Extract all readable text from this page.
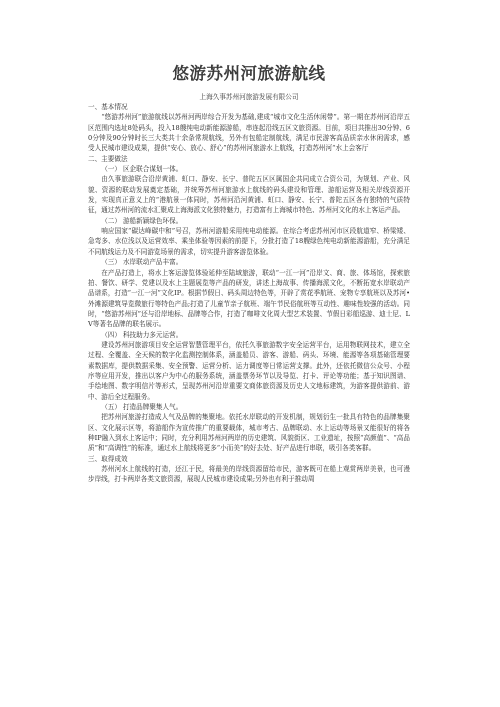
悠游苏州河旅游航线
上海久事苏州河旅游发展有限公司
一、基本情况

“悠游苏州河”旅游航线以苏州河两岸综合开发为基础,建成“城市文化生活休闲带”。第一期在苏州河沿岸五区范围内选址8处码头，投入18艘纯电动新能源游船，串连起沿线五区文旅资源。目前，项目共推出30分钟、60分钟及90分钟时长三大类共十余条常规航线，另外有包船定制航线，满足市民游客高品质亲水休闲需求，感受人民城市建设成果，提供“安心、放心、舒心”的苏州河旅游水上航线，打造苏州河“水上会客厅

二、主要做法
（一） 区企联合谋划一体。

由久事旅游联合沿岸黄浦、虹口、静安、长宁、普陀五区区属国企共同成立合资公司，为规划、产业、风貌、资源的联动发展奠定基础，并统筹苏州河旅游水上航线的码头建设和管理、游船运营及相关岸线资源开发，实现真正意义上的“港航景一体同时，苏州河沿河黄浦、虹口、静安、长宁、普陀五区各有独特的气质特征，通过苏州河的流水汇聚成上海海派文化独特魅力，打造富有上海城市特色、苏州河文化的水上客运产品。

（二） 游船新颖绿色环保。

响应国家“碳达峰碳中和”号召，苏州河游船采用纯电动能源。在综合考虑苏州河市区段航道窄、桥梁矮、急弯多、水位浅以及运营效率、乘坐体验等因素的前提下，分批打造了18艘绿色纯电动新能源游船，充分满足不同航线运力及不同游览场景的需求，切实提升游客游览体验。

（三） 水岸联动产品丰富。

在产品打造上，将水上客运游览体验延伸至陆域旅游，联动“一江一河”沿岸文、商、旅、体场馆，探索旅拍、餐饮、研学、党建以及水上主题展览等产品的研发，讲述上海故事、传播海派文化，不断拓宽水岸联动产品谱系，打造“一江一河”文化IP。根据节假日、码头周边特色等，开辟了赏花季航班、宠物专享航班以及苏河•外滩源建筑导览微旅行等特色产品;打造了儿童节亲子航班、端午节民俗航班等互动性、趣味性较强的活动。同时，“悠游苏州河”还与沿岸地标、品牌等合作，打造了咖啡文化周大型艺术装置、节假日彩船巡游、迪士尼、LV等著名品牌的联名展示。

（四） 科技助力多元运营。

建设苏州河旅游项目安全运营智慧管理平台，依托久事旅游数字安全运营平台，运用物联网技术，建立全过程、全覆盖、全天候的数字化监测控制体系，涵盖船员、游客、游船、码头、环境、能源等各项基础管理要素数据库，提供数据采集、安全预警、运营分析、运力调度等日常运营支撑。此外，还依托微信公众号、小程序等应用开发，推出以客户为中心的服务系统，涵盖票务环节以及导览、打卡、评论等功能；基于知识图谱、手绘地图、数字明信片等形式，呈现苏州河沿岸重要文商体旅资源及历史人文地标建筑，为游客提供游前、游中、游后全过程服务。

（五） 打造品牌聚集人气。

把苏州河旅游打造成人气及品牌的集聚地。依托水岸联动的开发机制，规划衍生一批具有特色的品牌集聚区、文化展示区等，将游船作为宣传推广的重要载体，城市考古、品牌联动、水上运动等场景又能很好的将各种IP融入到水上客运中；同时，充分利用苏州河两岸的历史建筑、风貌街区、工业遗址，按照“高颜值”、“高品质”和“高调性”的标准，通过水上航线将更多“小而美”的好去处、好产品进行串联，吸引各类客群。

三、取得成效

苏州河水上航线的打造，还江于民，将最美的岸线资源留给市民，游客既可在船上观赏两岸美景，也可漫步岸线，打卡两岸各类文旅资源，展现人民城市建设成果;另外也有利于推动周
